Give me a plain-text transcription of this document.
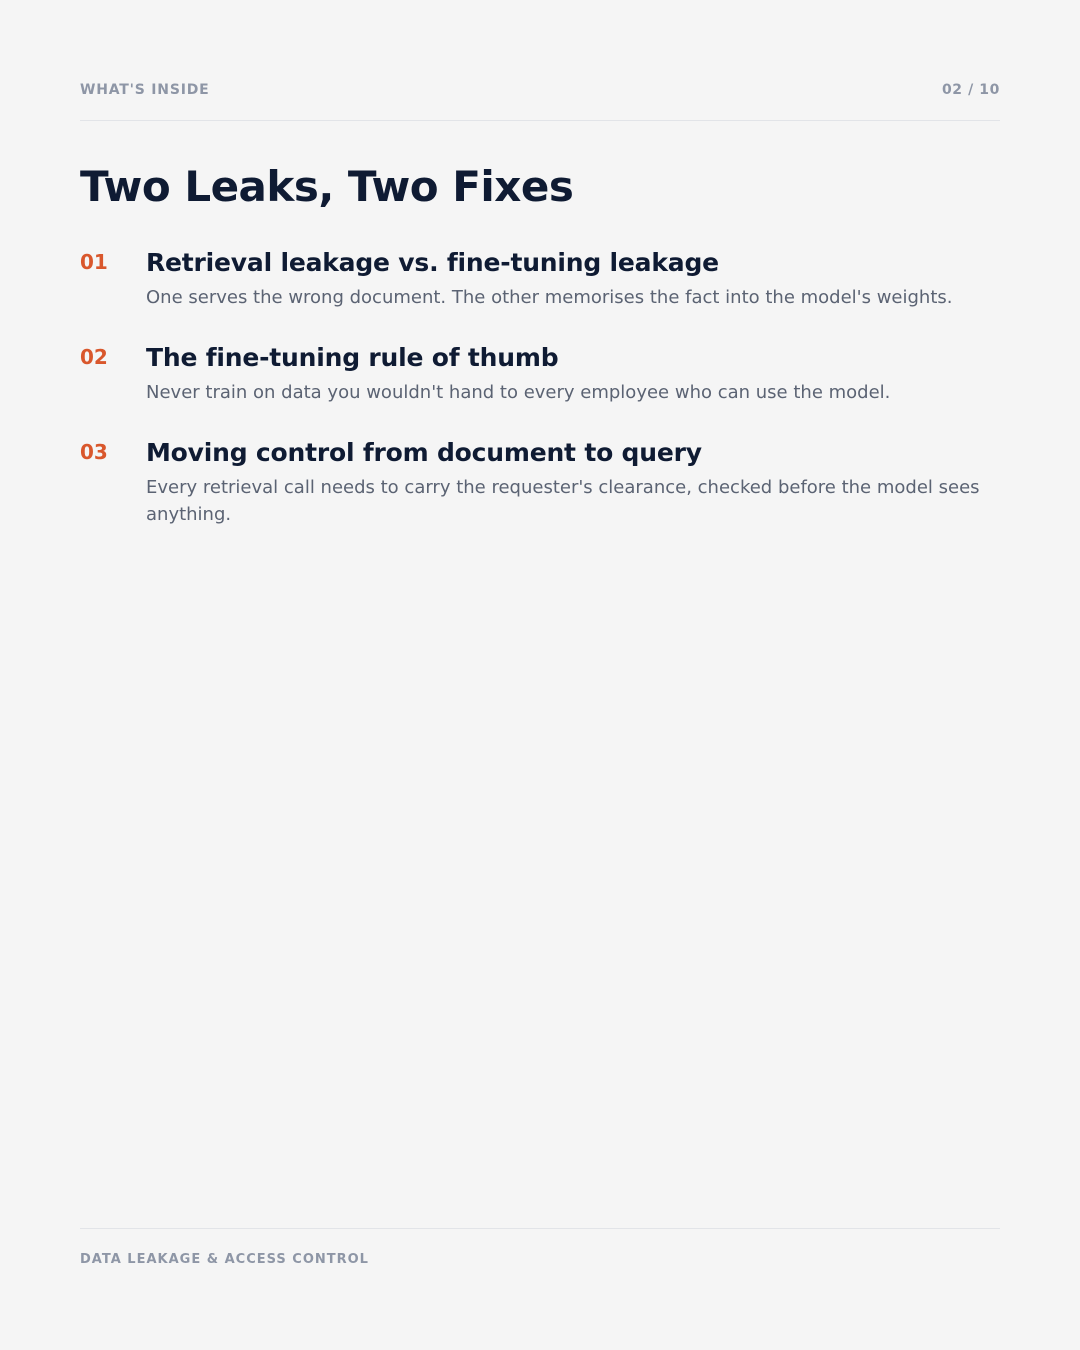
WHAT'S INSIDE	02 / 10
Two Leaks, Two Fixes
01 Retrieval leakage vs. fine-tuning leakage
One serves the wrong document. The other memorises the fact into the model's weights.
02 The fine-tuning rule of thumb
Never train on data you wouldn't hand to every employee who can use the model.
03 Moving control from document to query
Every retrieval call needs to carry the requester's clearance, checked before the model sees anything.
DATA LEAKAGE & ACCESS CONTROL
